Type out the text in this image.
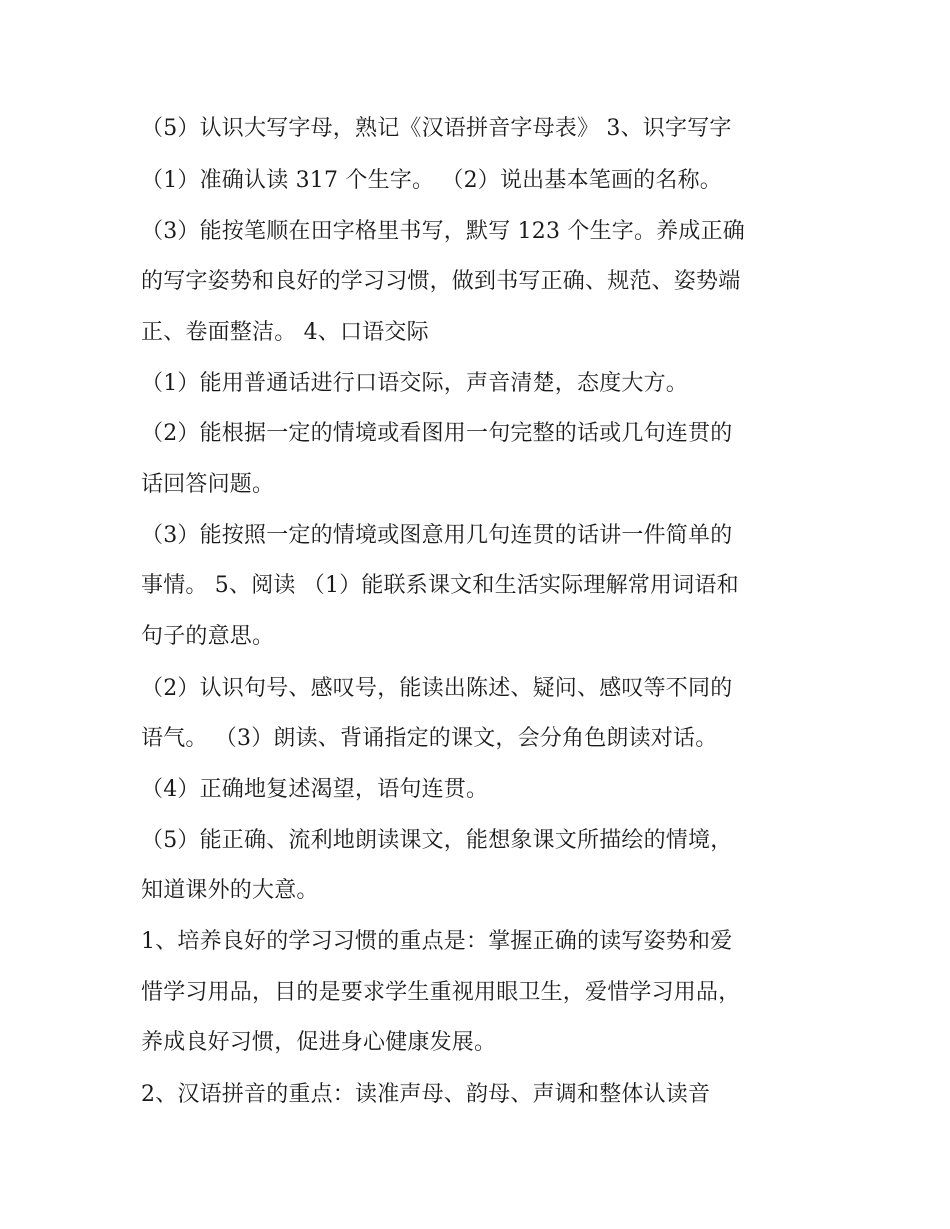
（5）认识大写字母，熟记《汉语拼音字母表》 3、识字写字
（1）准确认读 317 个生字。 （2）说出基本笔画的名称。
（3）能按笔顺在田字格里书写，默写 123 个生字。养成正确
的写字姿势和良好的学习习惯，做到书写正确、规范、姿势端
正、卷面整洁。 4、口语交际
（1）能用普通话进行口语交际，声音清楚，态度大方。
（2）能根据一定的情境或看图用一句完整的话或几句连贯的
话回答问题。
（3）能按照一定的情境或图意用几句连贯的话讲一件简单的
事情。 5、阅读 （1）能联系课文和生活实际理解常用词语和
句子的意思。
（2）认识句号、感叹号，能读出陈述、疑问、感叹等不同的
语气。 （3）朗读、背诵指定的课文，会分角色朗读对话。
（4）正确地复述渴望，语句连贯。
（5）能正确、流利地朗读课文，能想象课文所描绘的情境，
知道课外的大意。
1、培养良好的学习习惯的重点是：掌握正确的读写姿势和爱
惜学习用品，目的是要求学生重视用眼卫生，爱惜学习用品，
养成良好习惯，促进身心健康发展。
2、汉语拼音的重点：读准声母、韵母、声调和整体认读音
